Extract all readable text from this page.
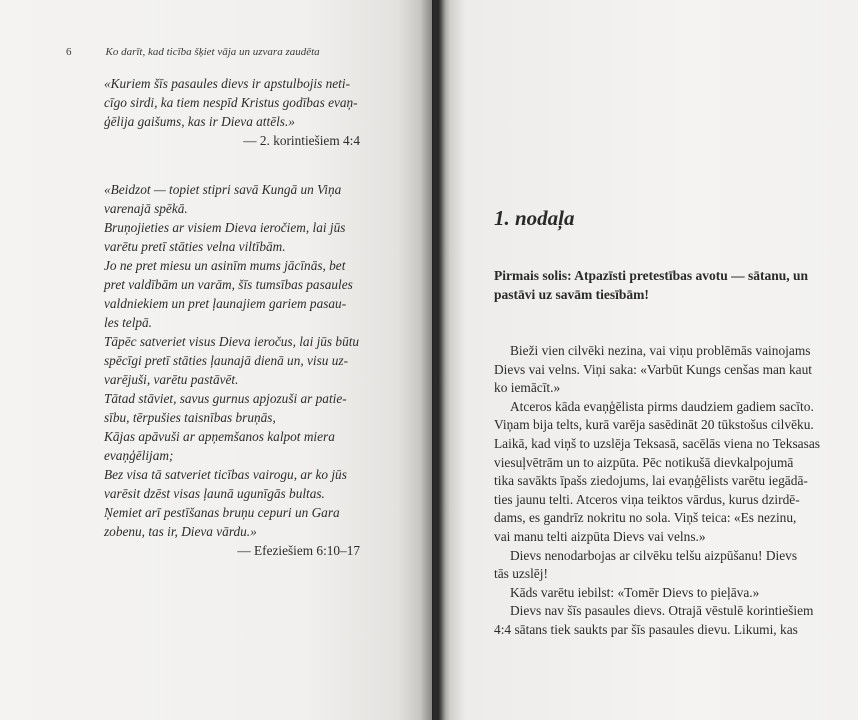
6	Ko darīt, kad ticība šķiet vāja un uzvara zaudēta
«Kuriem šīs pasaules dievs ir apstulbojis neti-
cīgo sirdi, ka tiem nespīd Kristus godības evaņ-
ģēlija gaišums, kas ir Dieva attēls.»
— 2. korintiešiem 4:4
«Beidzot — topiet stipri savā Kungā un Viņa
varenajā spēkā.
Bruņojieties ar visiem Dieva ieročiem, lai jūs
varētu pretī stāties velna viltībām.
Jo ne pret miesu un asinīm mums jācīnās, bet
pret valdībām un varām, šīs tumsības pasaules
valdniekiem un pret ļaunajiem gariem pasau-
les telpā.
Tāpēc satveriet visus Dieva ieročus, lai jūs būtu
spēcīgi pretī stāties ļaunajā dienā un, visu uz-
varējuši, varētu pastāvēt.
Tātad stāviet, savus gurnus apjozuši ar patie-
sību, tērpušies taisnības bruņās,
Kājas apāvuši ar apņemšanos kalpot miera
evaņģēlijam;
Bez visa tā satveriet ticības vairogu, ar ko jūs
varēsit dzēst visas ļaunā ugunīgās bultas.
Ņemiet arī pestīšanas bruņu cepuri un Gara
zobenu, tas ir, Dieva vārdu.»
— Efeziešiem 6:10–17
1. nodaļa
Pirmais solis: Atpazīsti pretestības avotu — sātanu, un
pastāvi uz savām tiesībām!
Bieži vien cilvēki nezina, vai viņu problēmās vainojams
Dievs vai velns. Viņi saka: «Varbūt Kungs cenšas man kaut
ko iemācīt.»
Atceros kāda evaņģēlista pirms daudziem gadiem sacīto.
Viņam bija telts, kurā varēja sasēdināt 20 tūkstošus cilvēku.
Laikā, kad viņš to uzslēja Teksasā, sacēlās viena no Teksasas
viesuļvētrām un to aizpūta. Pēc notikušā dievkalpojumā
tika savākts īpašs ziedojums, lai evaņģēlists varētu iegādā-
ties jaunu telti. Atceros viņa teiktos vārdus, kurus dzirdē-
dams, es gandrīz nokritu no sola. Viņš teica: «Es nezinu,
vai manu telti aizpūta Dievs vai velns.»
Dievs nenodarbojas ar cilvēku telšu aizpūšanu! Dievs
tās uzslēj!
Kāds varētu iebilst: «Tomēr Dievs to pieļāva.»
Dievs nav šīs pasaules dievs. Otrajā vēstulē korintiešiem
4:4 sātans tiek saukts par šīs pasaules dievu. Likumi, kas
